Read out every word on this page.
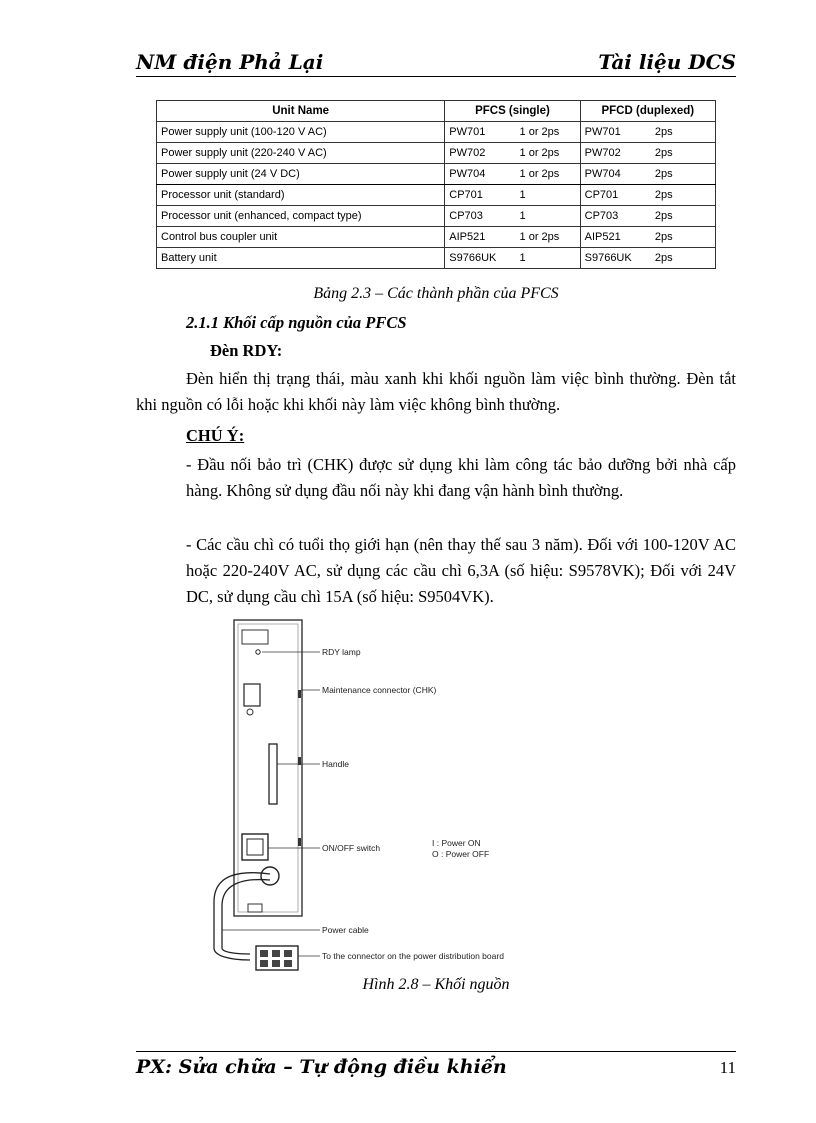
NM điện Phả Lại	Tài liệu DCS
Unit Name	PFCS (single)		PFCD (duplexed)	
Power supply unit (100-120 V AC)	PW701	1 or 2ps	PW701	2ps
Power supply unit (220-240 V AC)	PW702	1 or 2ps	PW702	2ps
Power supply unit (24 V DC)	PW704	1 or 2ps	PW704	2ps
Processor unit (standard)	CP701	1	CP701	2ps
Processor unit (enhanced, compact type)	CP703	1	CP703	2ps
Control bus coupler unit	AIP521	1 or 2ps	AIP521	2ps
Battery unit	S9766UK	1	S9766UK	2ps
Bảng 2.3 – Các thành phần của PFCS
2.1.1 Khối cấp nguồn của PFCS
Đèn RDY:
Đèn hiển thị trạng thái, màu xanh khi khối nguồn làm việc bình thường. Đèn tắt khi nguồn có lỗi hoặc khi khối này làm việc không bình thường.
CHÚ Ý:
- Đầu nối bảo trì (CHK) được sử dụng khi làm công tác bảo dưỡng bởi nhà cấp hàng. Không sử dụng đầu nối này khi đang vận hành bình thường.
- Các cầu chì có tuổi thọ giới hạn (nên thay thế sau 3 năm). Đối với 100-120V AC hoặc 220-240V AC, sử dụng các cầu chì 6,3A (số hiệu: S9578VK); Đối với 24V DC, sử dụng cầu chì 15A (số hiệu: S9504VK).
RDY lamp
Maintenance connector (CHK)
Handle
ON/OFF switch	I : Power ON
O : Power OFF
Power cable
To the connector on the power distribution board
Hình 2.8 – Khối nguồn
PX: Sửa chữa – Tự động điều khiển	11
